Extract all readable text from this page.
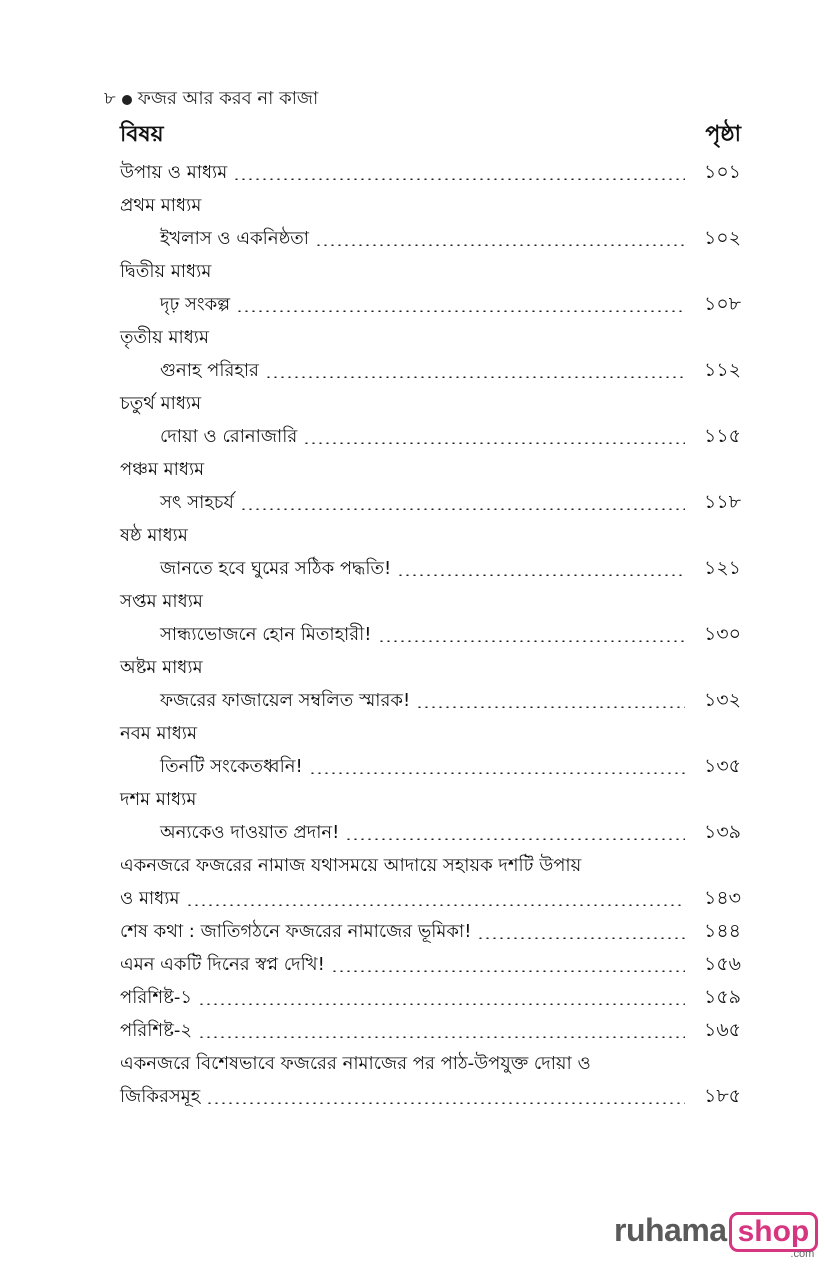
৮ ফজর আর করব না কাজা
বিষয়	পৃষ্ঠা
উপায় ও মাধ্যম	১০১
প্রথম মাধ্যম
ইখলাস ও একনিষ্ঠতা	১০২
দ্বিতীয় মাধ্যম
দৃঢ় সংকল্প	১০৮
তৃতীয় মাধ্যম
গুনাহ পরিহার	১১২
চতুর্থ মাধ্যম
দোয়া ও রোনাজারি	১১৫
পঞ্চম মাধ্যম
সৎ সাহচর্য	১১৮
ষষ্ঠ মাধ্যম
জানতে হবে ঘুমের সঠিক পদ্ধতি!	১২১
সপ্তম মাধ্যম
সান্ধ্যভোজনে হোন মিতাহারী!	১৩০
অষ্টম মাধ্যম
ফজরের ফাজায়েল সম্বলিত স্মারক!	১৩২
নবম মাধ্যম
তিনটি সংকেতধ্বনি!	১৩৫
দশম মাধ্যম
অন্যকেও দাওয়াত প্রদান!	১৩৯
একনজরে ফজরের নামাজ যথাসময়ে আদায়ে সহায়ক দশটি উপায়
ও মাধ্যম	১৪৩
শেষ কথা : জাতিগঠনে ফজরের নামাজের ভূমিকা!	১৪৪
এমন একটি দিনের স্বপ্ন দেখি!	১৫৬
পরিশিষ্ট-১	১৫৯
পরিশিষ্ট-২	১৬৫
একনজরে বিশেষভাবে ফজরের নামাজের পর পাঠ-উপযুক্ত দোয়া ও
জিকিরসমূহ	১৮৫
ruhama shop
.com
